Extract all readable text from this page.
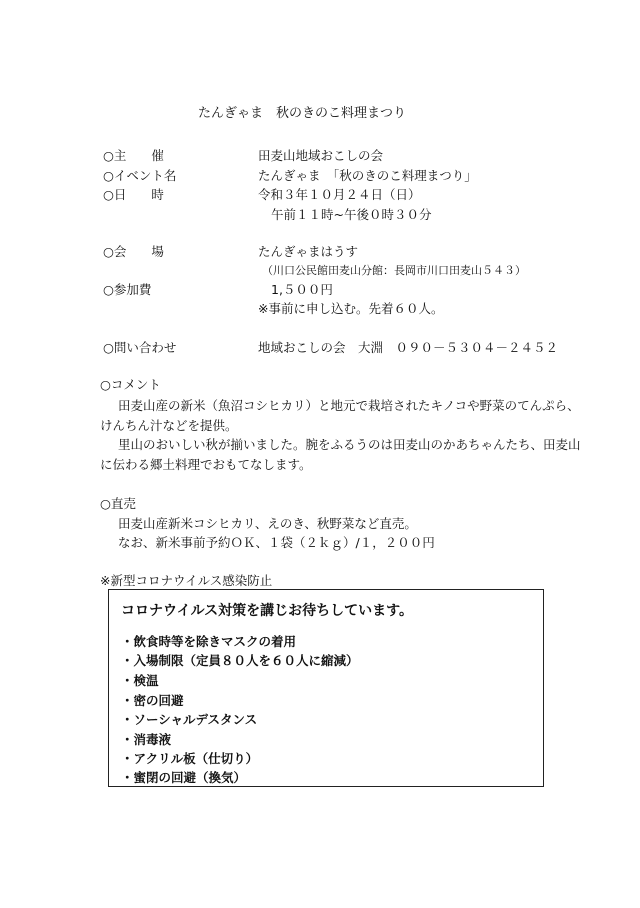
たんぎゃま　秋のきのこ料理まつり
○主　　催	田麦山地域おこしの会
○イベント名	たんぎゃま　「秋のきのこ料理まつり」
○日　　時	令和３年１０月２４日（日）
午前１１時~午後０時３０分
○会　　場	たんぎゃまはうす
（川口公民館田麦山分館：長岡市川口田麦山５４３）
○参加費	1,５００円
※事前に申し込む。先着６０人。
○問い合わせ	地域おこしの会　大淵　０９０－５３０４－２４５２
○コメント
田麦山産の新米（魚沼コシヒカリ）と地元で栽培されたキノコや野菜のてんぷら、
けんちん汁などを提供。
里山のおいしい秋が揃いました。腕をふるうのは田麦山のかあちゃんたち、田麦山
に伝わる郷土料理でおもてなします。
○直売
田麦山産新米コシヒカリ、えのき、秋野菜など直売。
なお、新米事前予約ＯＫ、１袋（２ｋｇ）/１，２００円
※新型コロナウイルス感染防止
コロナウイルス対策を講じお待ちしています。
・飲食時等を除きマスクの着用
・入場制限（定員８０人を６０人に縮減）
・検温
・密の回避
・ソーシャルデスタンス
・消毒液
・アクリル板（仕切り）
・蜜閉の回避（換気）
